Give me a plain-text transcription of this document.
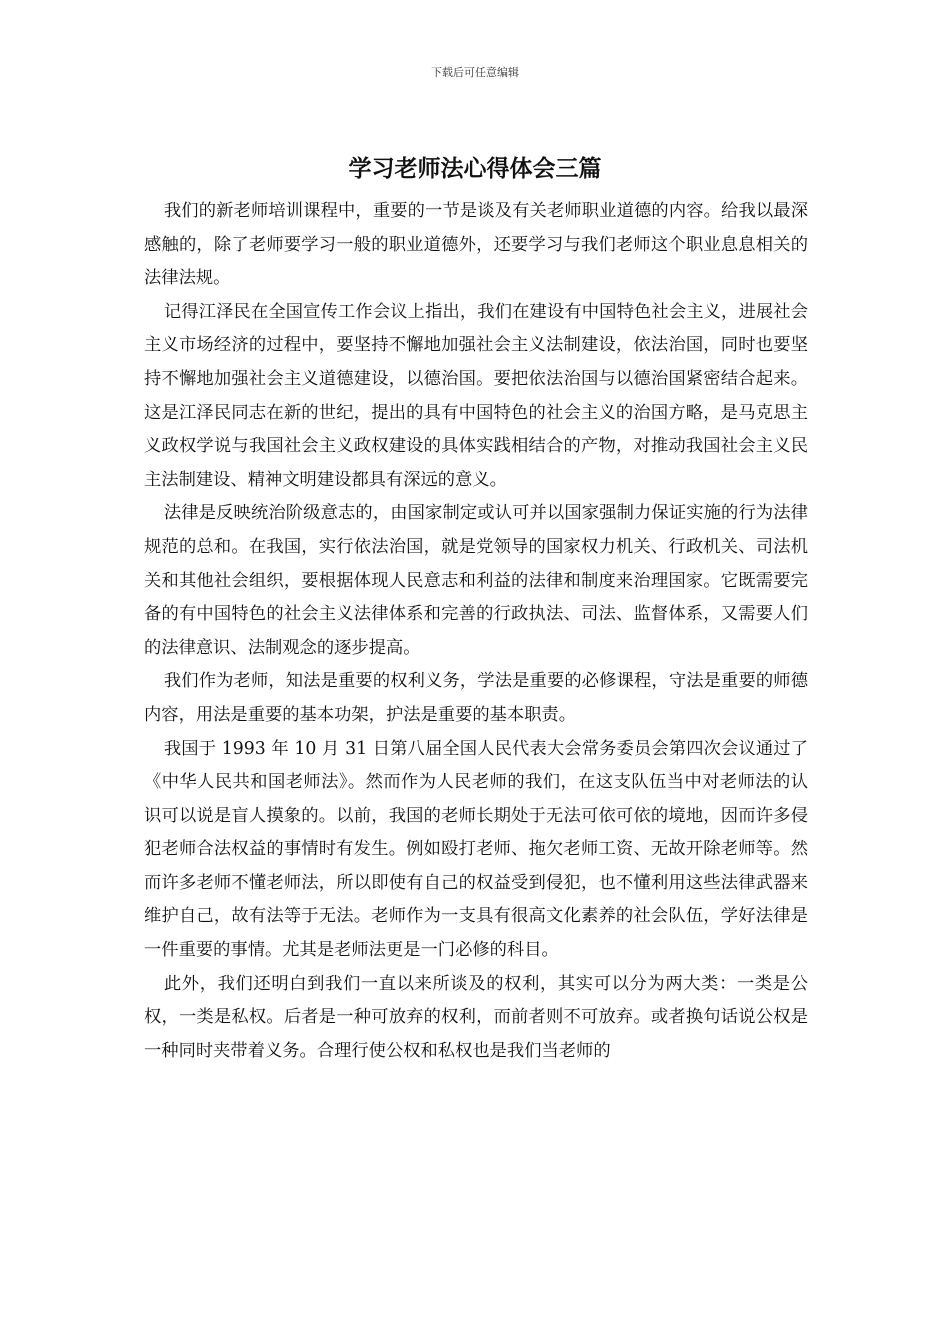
下载后可任意编辑
学习老师法心得体会三篇

我们的新老师培训课程中，重要的一节是谈及有关老师职业道德的内容。给我以最深感触的，除了老师要学习一般的职业道德外，还要学习与我们老师这个职业息息相关的法律法规。

记得江泽民在全国宣传工作会议上指出，我们在建设有中国特色社会主义，进展社会主义市场经济的过程中，要坚持不懈地加强社会主义法制建设，依法治国，同时也要坚持不懈地加强社会主义道德建设，以德治国。要把依法治国与以德治国紧密结合起来。这是江泽民同志在新的世纪，提出的具有中国特色的社会主义的治国方略，是马克思主义政权学说与我国社会主义政权建设的具体实践相结合的产物，对推动我国社会主义民主法制建设、精神文明建设都具有深远的意义。

法律是反映统治阶级意志的，由国家制定或认可并以国家强制力保证实施的行为法律规范的总和。在我国，实行依法治国，就是党领导的国家权力机关、行政机关、司法机关和其他社会组织，要根据体现人民意志和利益的法律和制度来治理国家。它既需要完备的有中国特色的社会主义法律体系和完善的行政执法、司法、监督体系，又需要人们的法律意识、法制观念的逐步提高。

我们作为老师，知法是重要的权利义务，学法是重要的必修课程，守法是重要的师德内容，用法是重要的基本功架，护法是重要的基本职责。

我国于 1993 年 10 月 31 日第八届全国人民代表大会常务委员会第四次会议通过了《中华人民共和国老师法》。然而作为人民老师的我们，在这支队伍当中对老师法的认识可以说是盲人摸象的。以前，我国的老师长期处于无法可依可依的境地，因而许多侵犯老师合法权益的事情时有发生。例如殴打老师、拖欠老师工资、无故开除老师等。然而许多老师不懂老师法，所以即使有自己的权益受到侵犯，也不懂利用这些法律武器来维护自己，故有法等于无法。老师作为一支具有很高文化素养的社会队伍，学好法律是一件重要的事情。尤其是老师法更是一门必修的科目。

此外，我们还明白到我们一直以来所谈及的权利，其实可以分为两大类：一类是公权，一类是私权。后者是一种可放弃的权利，而前者则不可放弃。或者换句话说公权是一种同时夹带着义务。合理行使公权和私权也是我们当老师的
